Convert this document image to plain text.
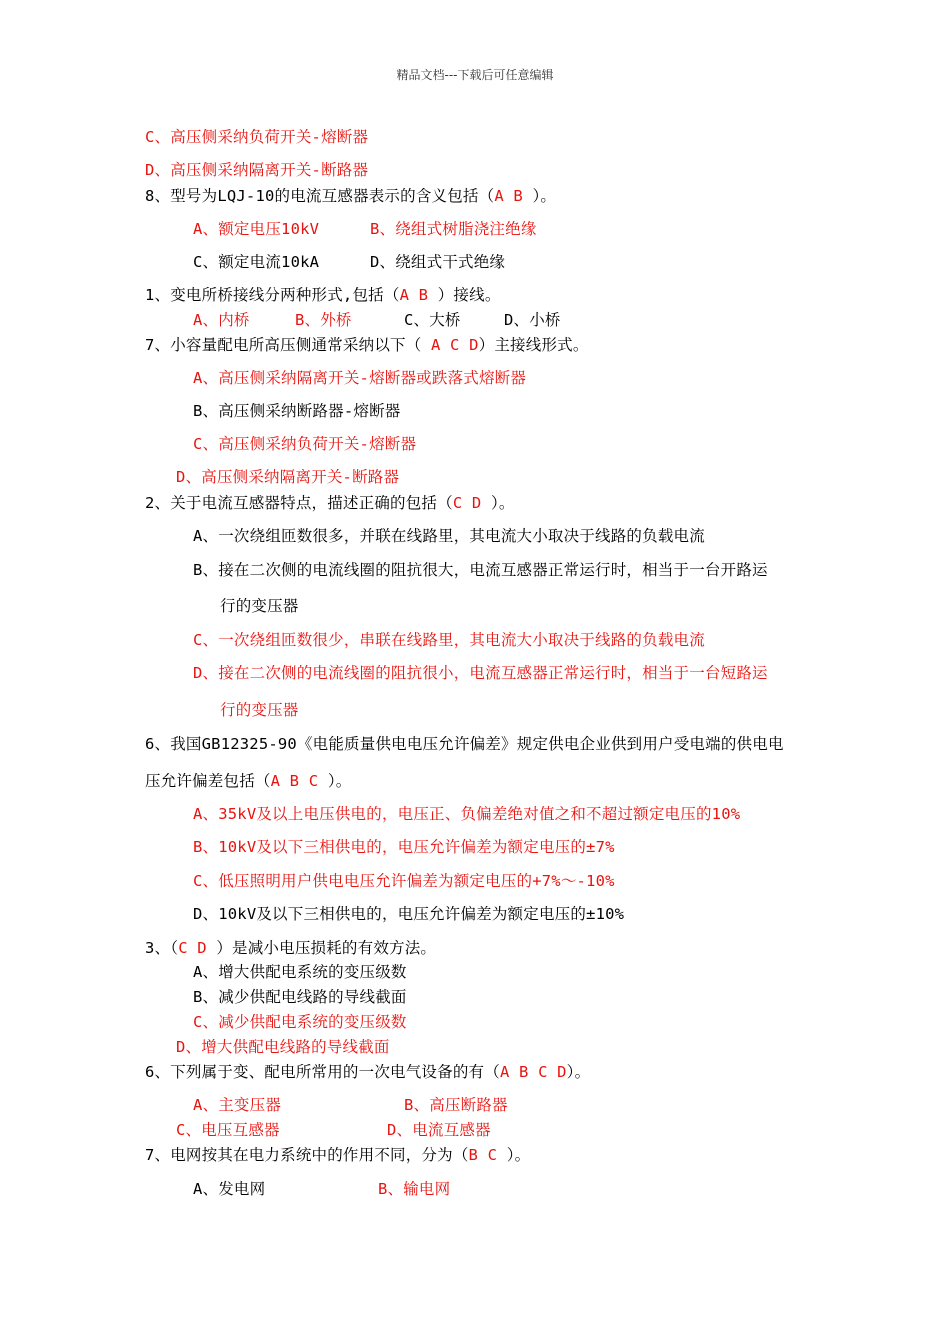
精品文档---下载后可任意编辑
C、高压侧采纳负荷开关-熔断器
D、高压侧采纳隔离开关-断路器
8、型号为LQJ-10的电流互感器表示的含义包括（A B ）。
A、额定电压10kV	B、绕组式树脂浇注绝缘
C、额定电流10kA	D、绕组式干式绝缘
1、变电所桥接线分两种形式,包括（A B ）接线。
A、内桥	B、外桥	C、大桥	D、小桥
7、小容量配电所高压侧通常采纳以下（ A C D）主接线形式。
A、高压侧采纳隔离开关-熔断器或跌落式熔断器
B、高压侧采纳断路器-熔断器
C、高压侧采纳负荷开关-熔断器
D、高压侧采纳隔离开关-断路器
2、关于电流互感器特点，描述正确的包括（C D ）。
A、一次绕组匝数很多，并联在线路里，其电流大小取决于线路的负载电流
B、接在二次侧的电流线圈的阻抗很大，电流互感器正常运行时，相当于一台开路运
行的变压器
C、一次绕组匝数很少，串联在线路里，其电流大小取决于线路的负载电流
D、接在二次侧的电流线圈的阻抗很小，电流互感器正常运行时，相当于一台短路运
行的变压器
6、我国GB12325-90《电能质量供电电压允许偏差》规定供电企业供到用户受电端的供电电
压允许偏差包括（A B C ）。
A、35kV及以上电压供电的，电压正、负偏差绝对值之和不超过额定电压的10%
B、10kV及以下三相供电的，电压允许偏差为额定电压的±7%
C、低压照明用户供电电压允许偏差为额定电压的+7%～-10%
D、10kV及以下三相供电的，电压允许偏差为额定电压的±10%
3、（C D ）是减小电压损耗的有效方法。
A、增大供配电系统的变压级数
B、减少供配电线路的导线截面
C、减少供配电系统的变压级数
D、增大供配电线路的导线截面
6、下列属于变、配电所常用的一次电气设备的有（A B C D）。
A、主变压器	B、高压断路器
C、电压互感器	D、电流互感器
7、电网按其在电力系统中的作用不同，分为（B C ）。
A、发电网	B、输电网
